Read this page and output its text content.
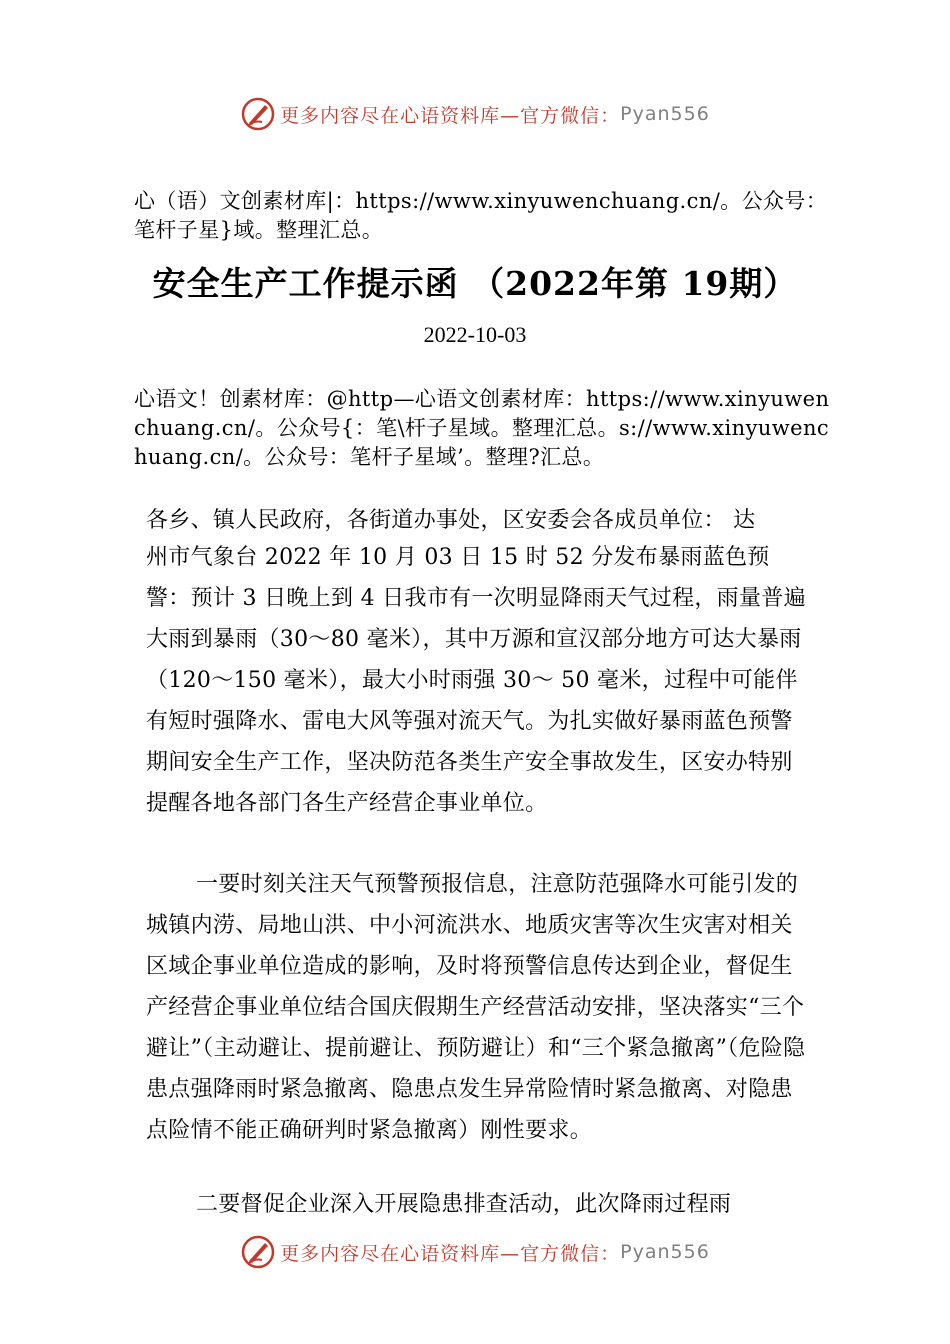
更多内容尽在心语资料库—官方微信： Pyan556
心（语）文创素材库|：https://www.xinyuwenchuang.cn/。公众号：笔杆子星}域。整理汇总。
安全生产工作提示函 （2022年第 19期）
2022-10-03
心语文！创素材库：@http—心语文创素材库：https://www.xinyuwenchuang.cn/。公众号{：笔\杆子星域。整理汇总。s://www.xinyuwenchuang.cn/。公众号：笔杆子星域’。整理?汇总。
各乡、镇人民政府，各街道办事处，区安委会各成员单位： 达
州市气象台 2022 年 10 月 03 日 15 时 52 分发布暴雨蓝色预警：预计 3 日晚上到 4 日我市有一次明显降雨天气过程，雨量普遍大雨到暴雨（30～80 毫米），其中万源和宣汉部分地方可达大暴雨（120～150 毫米），最大小时雨强 30～ 50 毫米，过程中可能伴有短时强降水、雷电大风等强对流天气。为扎实做好暴雨蓝色预警期间安全生产工作，坚决防范各类生产安全事故发生，区安办特别提醒各地各部门各生产经营企事业单位。
一要时刻关注天气预警预报信息，注意防范强降水可能引发的城镇内涝、局地山洪、中小河流洪水、地质灾害等次生灾害对相关区域企事业单位造成的影响，及时将预警信息传达到企业，督促生产经营企事业单位结合国庆假期生产经营活动安排，坚决落实“三个避让”（主动避让、提前避让、预防避让）和“三个紧急撤离”（危险隐患点强降雨时紧急撤离、隐患点发生异常险情时紧急撤离、对隐患点险情不能正确研判时紧急撤离）刚性要求。
二要督促企业深入开展隐患排查活动，此次降雨过程雨
更多内容尽在心语资料库—官方微信： Pyan556
